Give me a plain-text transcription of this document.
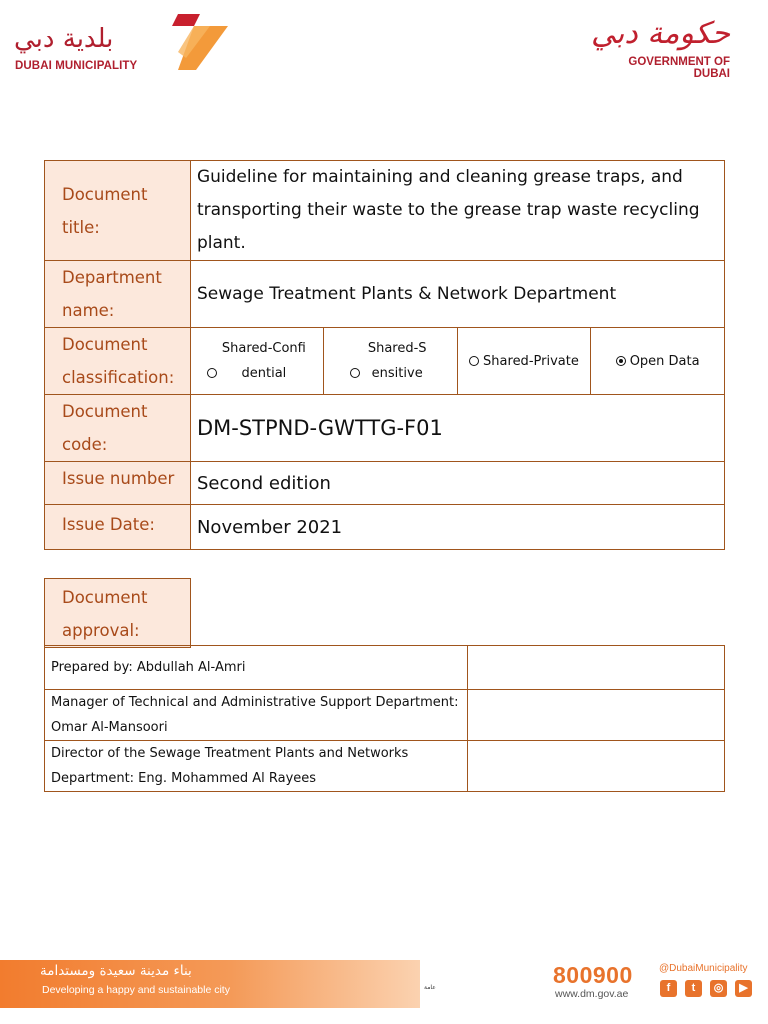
بلدية دبي
DUBAI MUNICIPALITY
حكومة دبي
GOVERNMENT OF DUBAI
Document title:	Guideline for maintaining and cleaning grease traps, and transporting their waste to the grease trap waste recycling plant.			
Department name:	Sewage Treatment Plants & Network Department			
Document classification:	Shared-Confidential	Shared-Sensitive	Shared-Private	Open Data
Document code:	DM-STPND-GWTTG-F01			
Issue number	Second edition			
Issue Date:	November 2021			
Document approval:
Prepared by: Abdullah Al-Amri	
Manager of Technical and Administrative Support Department: Omar Al-Mansoori	
Director of the Sewage Treatment Plants and Networks Department: Eng. Mohammed Al Rayees	
بناء مدينة سعيدة ومستدامة
Developing a happy and sustainable city	عامة	800900
www.dm.gov.ae
@DubaiMunicipality
f	t	◎	▶
